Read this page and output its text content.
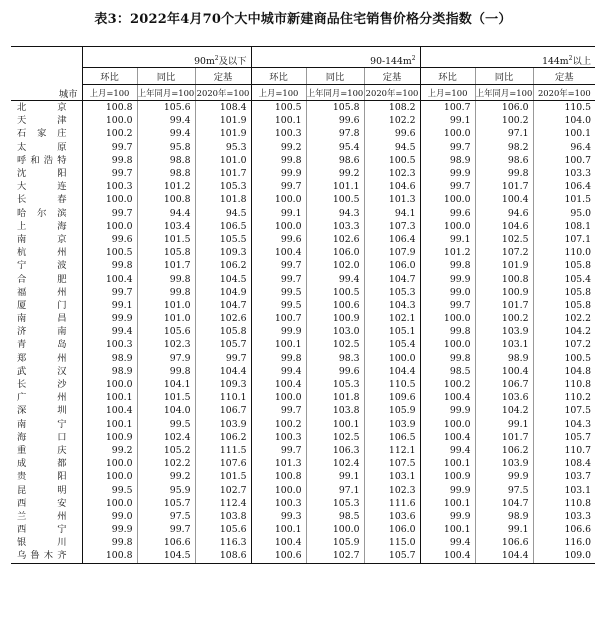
表3：2022年4月70个大中城市新建商品住宅销售价格分类指数（一）
城市	$90m^2$及以下			$90-144m^2$			$144m^2$以上		
	环比	同比	定基	环比	同比	定基	环比	同比	定基
	上月=100	上年同月=100	2020年=100	上月=100	上年同月=100	2020年=100	上月=100	上年同月=100	2020年=100
北京	100.8	105.6	108.4	100.5	105.8	108.2	100.7	106.0	110.5
天津	100.0	99.4	101.9	100.1	99.6	102.2	99.1	100.2	104.0
石家庄	100.2	99.4	101.9	100.3	97.8	99.6	100.0	97.1	100.1
太原	99.7	95.8	95.3	99.2	95.4	94.5	99.7	98.2	96.4
呼和浩特	99.8	98.8	101.0	99.8	98.6	100.5	98.9	98.6	100.7
沈阳	99.7	98.8	101.7	99.9	99.2	102.3	99.9	99.8	103.3
大连	100.3	101.2	105.3	99.7	101.1	104.6	99.7	101.7	106.4
长春	100.0	100.8	101.8	100.0	100.5	101.3	100.0	100.4	101.5
哈尔滨	99.7	94.4	94.5	99.1	94.3	94.1	99.6	94.6	95.0
上海	100.0	103.4	106.5	100.0	103.3	107.3	100.0	104.6	108.1
南京	99.6	101.5	105.5	99.6	102.6	106.4	99.1	102.5	107.1
杭州	100.5	105.8	109.3	100.4	106.0	107.9	101.2	107.2	110.0
宁波	99.8	101.7	106.2	99.7	102.0	106.0	99.8	101.9	105.8
合肥	100.4	99.8	104.5	99.7	99.4	104.7	99.9	100.8	105.4
福州	99.7	99.8	104.9	99.5	100.5	105.3	99.0	100.9	105.8
厦门	99.1	101.0	104.7	99.5	100.6	104.3	99.7	101.7	105.8
南昌	99.9	101.0	102.6	100.7	100.9	102.1	100.0	100.2	102.2
济南	99.4	105.6	105.8	99.9	103.0	105.1	99.8	103.9	104.2
青岛	100.3	102.3	105.7	100.1	102.5	105.4	100.0	103.1	107.2
郑州	98.9	97.9	99.7	99.8	98.3	100.0	99.8	98.9	100.5
武汉	98.9	99.8	104.4	99.4	99.6	104.4	98.5	100.4	104.8
长沙	100.0	104.1	109.3	100.4	105.3	110.5	100.2	106.7	110.8
广州	100.1	101.5	110.1	100.0	101.8	109.6	100.4	103.6	110.2
深圳	100.4	104.0	106.7	99.7	103.8	105.9	99.9	104.2	107.5
南宁	100.1	99.5	103.9	100.2	100.1	103.9	100.0	99.1	104.3
海口	100.9	102.4	106.2	100.3	102.5	106.5	100.4	101.7	105.7
重庆	99.2	105.2	111.5	99.7	106.3	112.1	99.4	106.2	110.7
成都	100.0	102.2	107.6	101.3	102.4	107.5	100.1	103.9	108.4
贵阳	100.0	99.2	101.5	100.8	99.1	103.1	100.9	99.9	103.7
昆明	99.5	95.9	102.7	100.0	97.1	102.3	99.9	97.5	103.1
西安	100.0	105.7	112.4	100.3	105.3	111.6	100.1	104.7	110.8
兰州	99.0	97.5	103.8	99.3	98.5	103.6	99.9	98.9	103.3
西宁	99.9	99.7	105.6	100.1	100.0	106.0	100.1	99.1	106.6
银川	99.8	106.6	116.3	100.4	105.9	115.0	99.4	106.6	116.0
乌鲁木齐	100.8	104.5	108.6	100.6	102.7	105.7	100.4	104.4	109.0
